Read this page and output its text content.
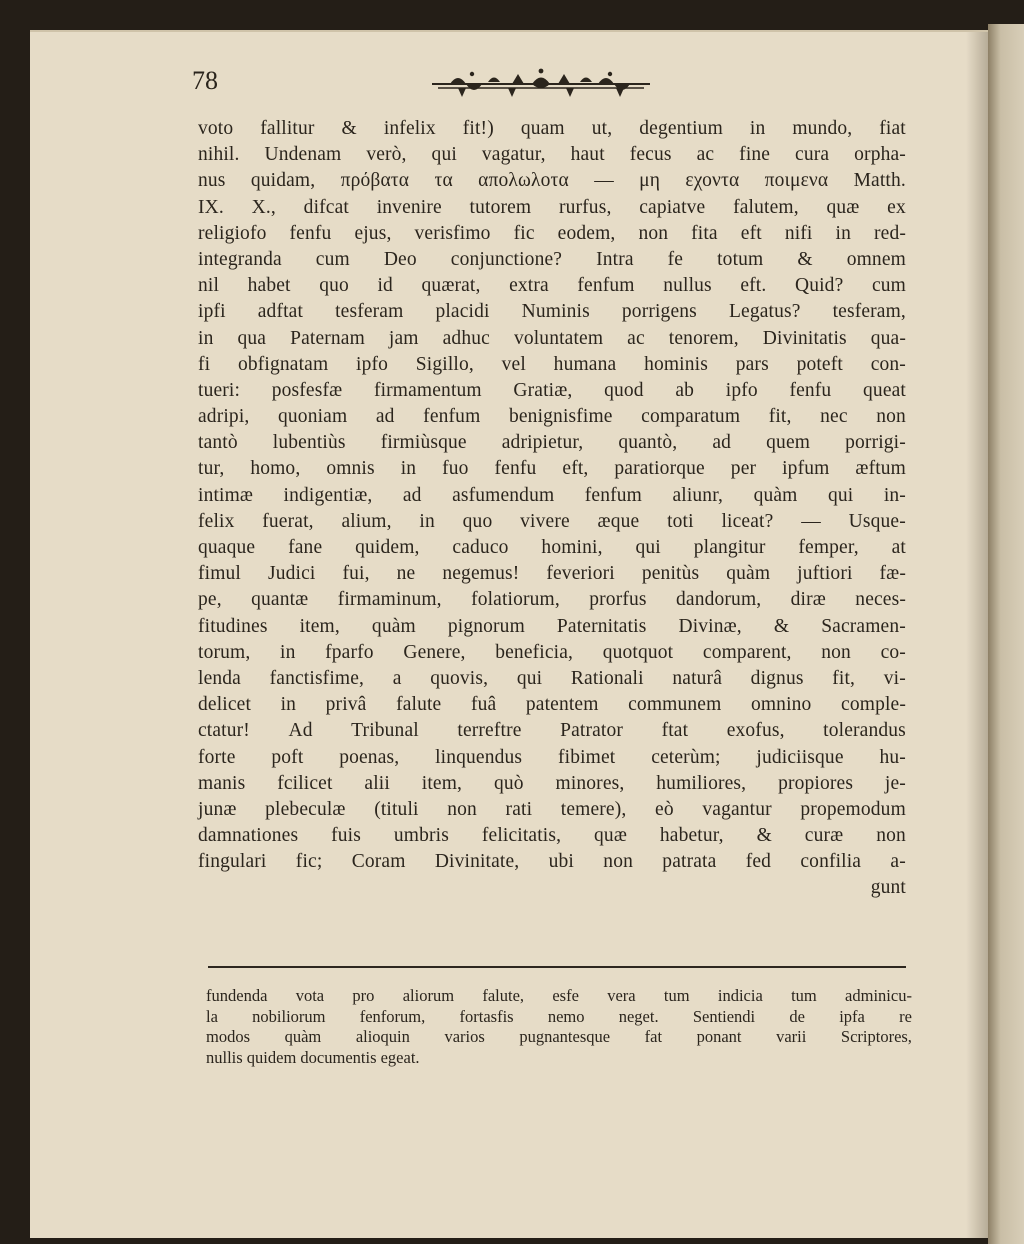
78
voto fallitur & infelix fit!) quam ut, degentium in mundo, fiat
nihil. Undenam verò, qui vagatur, haut fecus ac fine cura orpha-
nus quidam, πρόβατα τα απολωλοτα — μη εχοντα ποιμενα Matth.
IX. X., difcat invenire tutorem rurfus, capiatve falutem, quæ ex
religiofo fenfu ejus, verisfimo fic eodem, non fita eft nifi in red-
integranda cum Deo conjunctione? Intra fe totum & omnem
nil habet quo id quærat, extra fenfum nullus eft. Quid? cum
ipfi adftat tesferam placidi Numinis porrigens Legatus? tesferam,
in qua Paternam jam adhuc voluntatem ac tenorem, Divinitatis qua-
fi obfignatam ipfo Sigillo, vel humana hominis pars poteft con-
tueri: posfesfæ firmamentum Gratiæ, quod ab ipfo fenfu queat
adripi, quoniam ad fenfum benignisfime comparatum fit, nec non
tantò lubentiùs firmiùsque adripietur, quantò, ad quem porrigi-
tur, homo, omnis in fuo fenfu eft, paratiorque per ipfum æftum
intimæ indigentiæ, ad asfumendum fenfum aliunr, quàm qui in-
felix fuerat, alium, in quo vivere æque toti liceat? — Usque-
quaque fane quidem, caduco homini, qui plangitur femper, at
fimul Judici fui, ne negemus! feveriori penitùs quàm juftiori fæ-
pe, quantæ firmaminum, folatiorum, prorfus dandorum, diræ neces-
fitudines item, quàm pignorum Paternitatis Divinæ, & Sacramen-
torum, in fparfo Genere, beneficia, quotquot comparent, non co-
lenda fanctisfime, a quovis, qui Rationali naturâ dignus fit, vi-
delicet in privâ falute fuâ patentem communem omnino comple-
ctatur! Ad Tribunal terreftre Patrator ftat exofus, tolerandus
forte poft poenas, linquendus fibimet ceterùm; judiciisque hu-
manis fcilicet alii item, quò minores, humiliores, propiores je-
junæ plebeculæ (tituli non rati temere), eò vagantur propemodum
damnationes fuis umbris felicitatis, quæ habetur, & curæ non
fingulari fic; Coram Divinitate, ubi non patrata fed confilia a-
gunt
fundenda vota pro aliorum falute, esfe vera tum indicia tum adminicu-
la nobiliorum fenforum, fortasfis nemo neget. Sentiendi de ipfa re
modos quàm alioquin varios pugnantesque fat ponant varii Scriptores,
nullis quidem documentis egeat.
